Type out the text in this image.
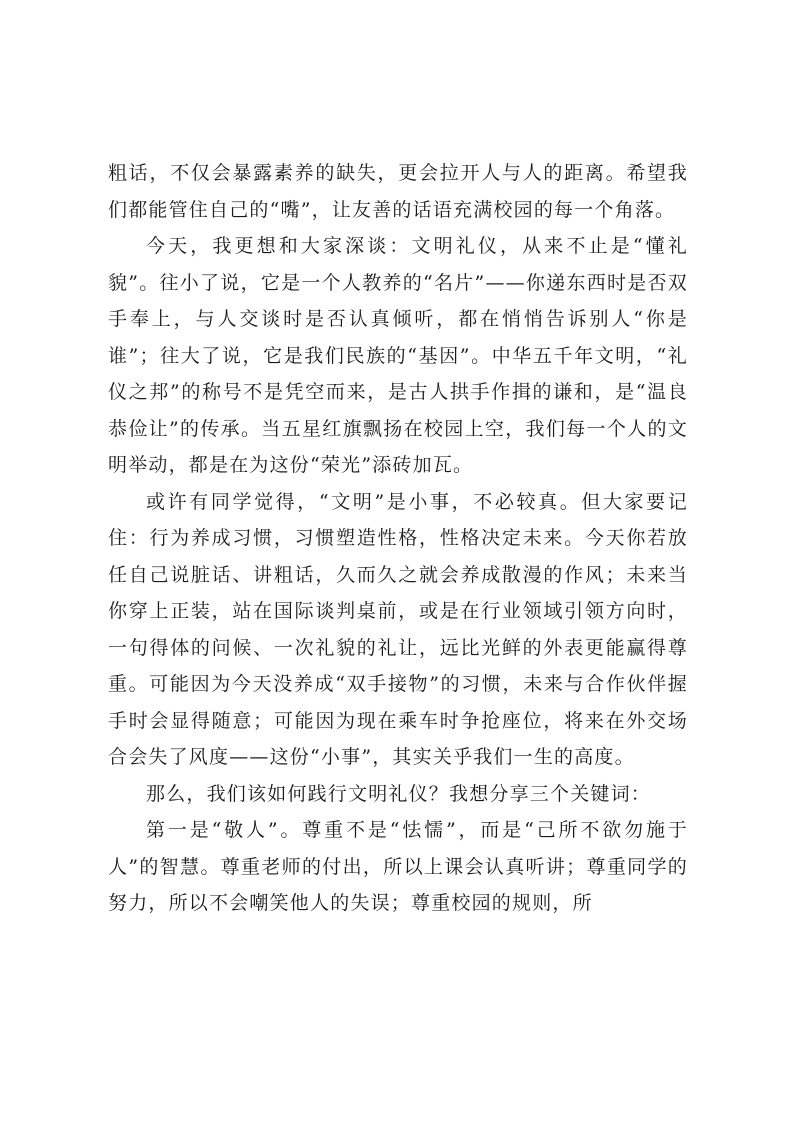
粗话，不仅会暴露素养的缺失，更会拉开人与人的距离。希望我们都能管住自己的“嘴”，让友善的话语充满校园的每一个角落。

今天，我更想和大家深谈：文明礼仪，从来不止是“懂礼貌”。往小了说，它是一个人教养的“名片”——你递东西时是否双手奉上，与人交谈时是否认真倾听，都在悄悄告诉别人“你是谁”；往大了说，它是我们民族的“基因”。中华五千年文明，“礼仪之邦”的称号不是凭空而来，是古人拱手作揖的谦和，是“温良恭俭让”的传承。当五星红旗飘扬在校园上空，我们每一个人的文明举动，都是在为这份“荣光”添砖加瓦。

或许有同学觉得，“文明”是小事，不必较真。但大家要记住：行为养成习惯，习惯塑造性格，性格决定未来。今天你若放任自己说脏话、讲粗话，久而久之就会养成散漫的作风；未来当你穿上正装，站在国际谈判桌前，或是在行业领域引领方向时，一句得体的问候、一次礼貌的礼让，远比光鲜的外表更能赢得尊重。可能因为今天没养成“双手接物”的习惯，未来与合作伙伴握手时会显得随意；可能因为现在乘车时争抢座位，将来在外交场合会失了风度——这份“小事”，其实关乎我们一生的高度。

那么，我们该如何践行文明礼仪？我想分享三个关键词：

第一是“敬人”。尊重不是“怯懦”，而是“己所不欲勿施于人”的智慧。尊重老师的付出，所以上课会认真听讲；尊重同学的努力，所以不会嘲笑他人的失误；尊重校园的规则，所
